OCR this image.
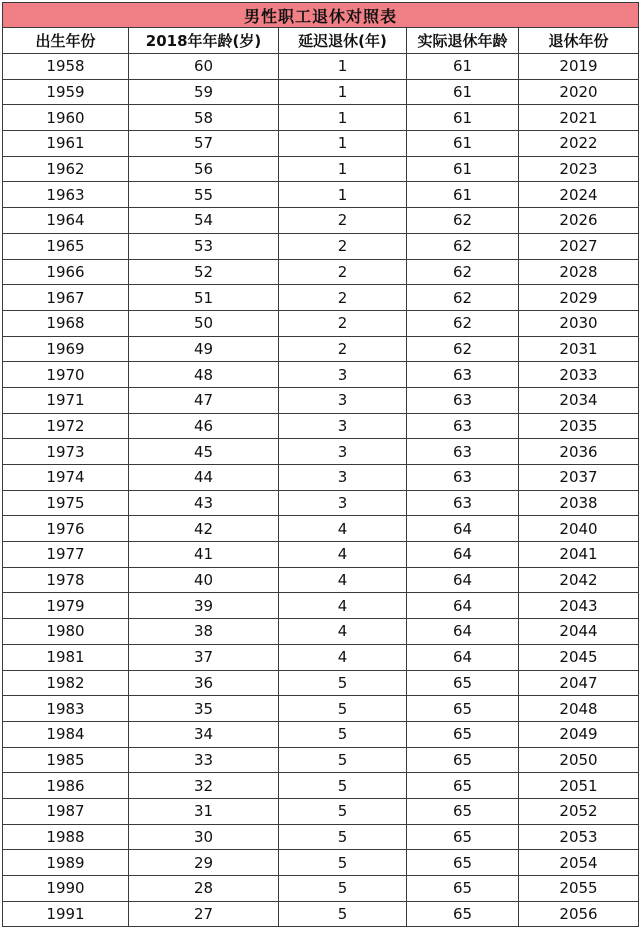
男性职工退休对照表				
出生年份	2018年年龄(岁)	延迟退休(年)	实际退休年龄	退休年份
1958	60	1	61	2019
1959	59	1	61	2020
1960	58	1	61	2021
1961	57	1	61	2022
1962	56	1	61	2023
1963	55	1	61	2024
1964	54	2	62	2026
1965	53	2	62	2027
1966	52	2	62	2028
1967	51	2	62	2029
1968	50	2	62	2030
1969	49	2	62	2031
1970	48	3	63	2033
1971	47	3	63	2034
1972	46	3	63	2035
1973	45	3	63	2036
1974	44	3	63	2037
1975	43	3	63	2038
1976	42	4	64	2040
1977	41	4	64	2041
1978	40	4	64	2042
1979	39	4	64	2043
1980	38	4	64	2044
1981	37	4	64	2045
1982	36	5	65	2047
1983	35	5	65	2048
1984	34	5	65	2049
1985	33	5	65	2050
1986	32	5	65	2051
1987	31	5	65	2052
1988	30	5	65	2053
1989	29	5	65	2054
1990	28	5	65	2055
1991	27	5	65	2056
